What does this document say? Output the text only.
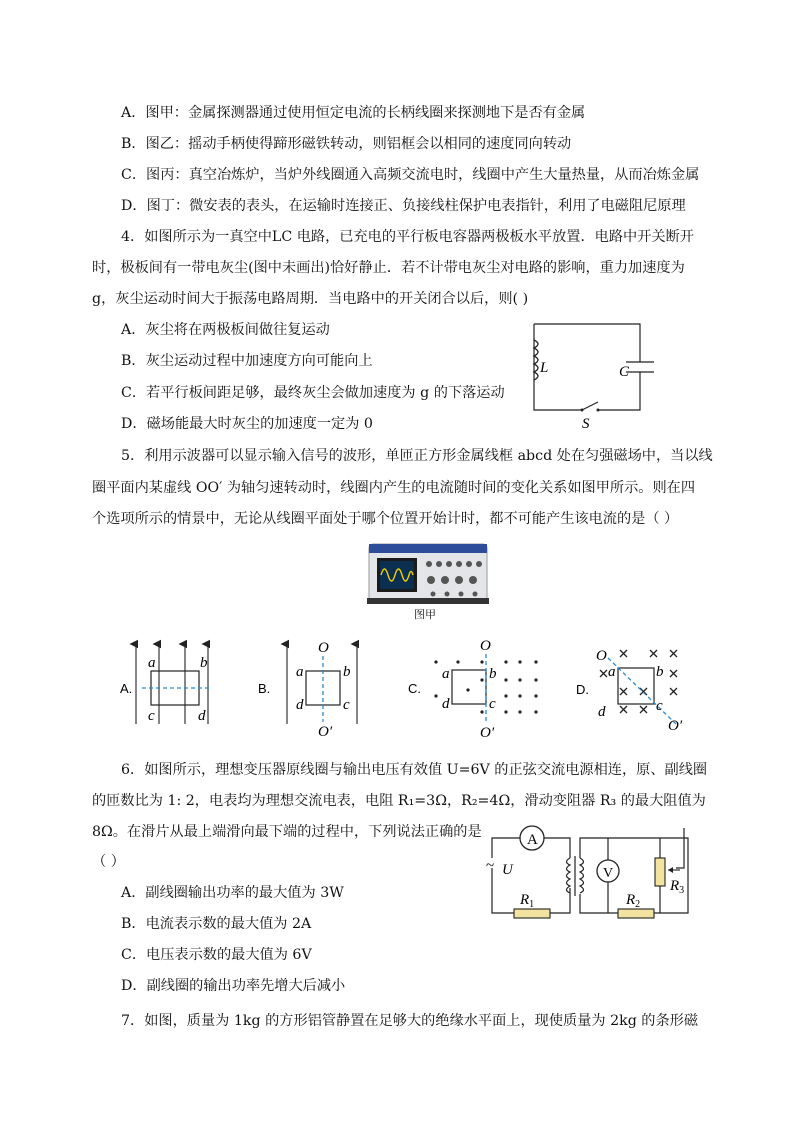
A．图甲：金属探测器通过使用恒定电流的长柄线圈来探测地下是否有金属
B．图乙：摇动手柄使得蹄形磁铁转动，则铝框会以相同的速度同向转动
C．图丙：真空冶炼炉，当炉外线圈通入高频交流电时，线圈中产生大量热量，从而冶炼金属
D．图丁：微安表的表头，在运输时连接正、负接线柱保护电表指针，利用了电磁阻尼原理
4．如图所示为一真空中LC 电路，已充电的平行板电容器两极板水平放置．电路中开关断开
时，极板间有一带电灰尘(图中未画出)恰好静止．若不计带电灰尘对电路的影响，重力加速度为
g，灰尘运动时间大于振荡电路周期．当电路中的开关闭合以后，则( )
A．灰尘将在两极板间做往复运动
B．灰尘运动过程中加速度方向可能向上
C．若平行板间距足够，最终灰尘会做加速度为 g 的下落运动
D．磁场能最大时灰尘的加速度一定为 0
L	C
S
5．利用示波器可以显示输入信号的波形，单匝正方形金属线框 abcd 处在匀强磁场中，当以线
圈平面内某虚线 OO′ 为轴匀速转动时，线圈内产生的电流随时间的变化关系如图甲所示。则在四
个选项所示的情景中，无论从线圈平面处于哪个位置开始计时，都不可能产生该电流的是（ ）
图甲
A.
a	b
c	d
B.
O
O′
a	b
d	c
C.
O
O′
a	b
d	c
D.
O
O′
a	b
d	c
6．如图所示，理想变压器原线圈与输出电压有效值 U=6V 的正弦交流电源相连，原、副线圈
的匝数比为 1: 2，电表均为理想交流电表，电阻 R₁=3Ω，R₂=4Ω，滑动变阻器 R₃ 的最大阻值为
8Ω。在滑片从最上端滑向最下端的过程中，下列说法正确的是
（ ）
A．副线圈输出功率的最大值为 3W
B．电流表示数的最大值为 2A
C．电压表示数的最大值为 6V
D．副线圈的输出功率先增大后减小
A
V
~ U
$R_1$	$R_2$
$R_3$
7．如图，质量为 1kg 的方形铝管静置在足够大的绝缘水平面上，现使质量为 2kg 的条形磁
